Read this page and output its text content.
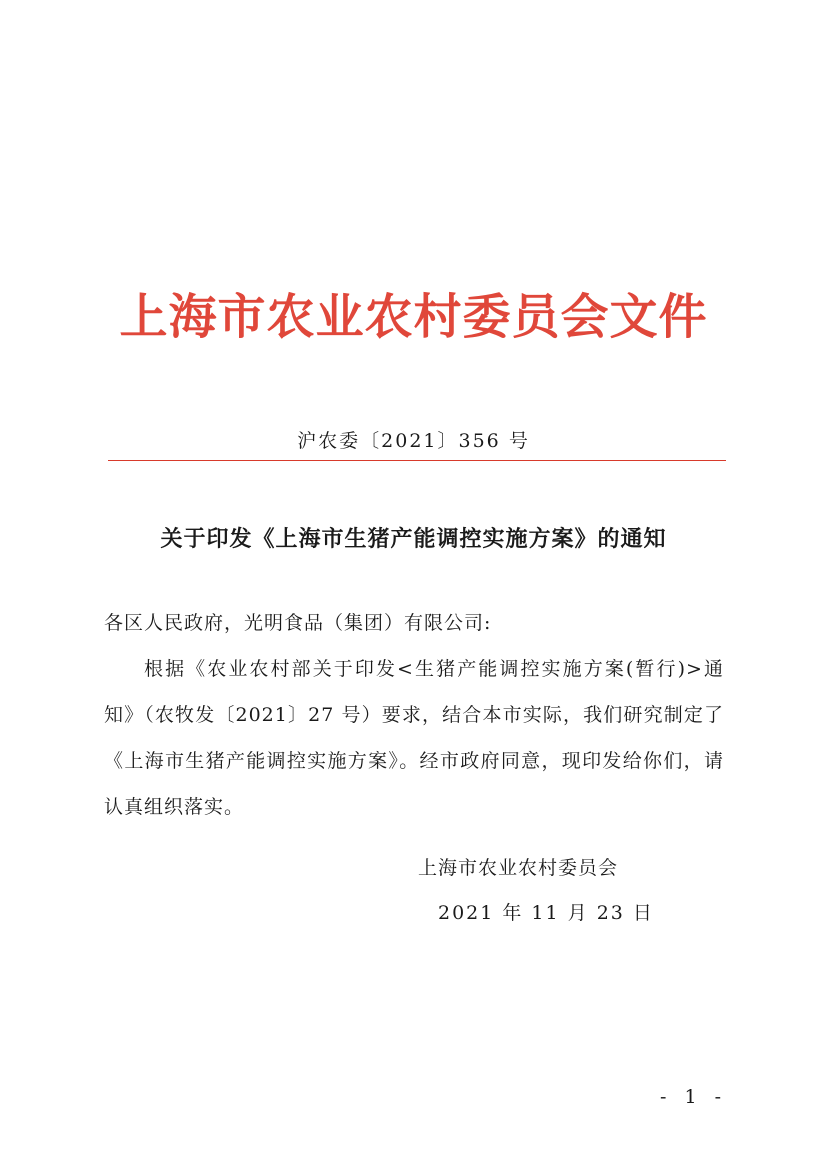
上海市农业农村委员会文件
沪农委〔2021〕356 号
关于印发《上海市生猪产能调控实施方案》的通知
各区人民政府，光明食品（集团）有限公司:
根据《农业农村部关于印发<生猪产能调控实施方案(暂行)>通知》（农牧发〔2021〕27 号）要求，结合本市实际，我们研究制定了《上海市生猪产能调控实施方案》。经市政府同意，现印发给你们，请认真组织落实。
上海市农业农村委员会
2021 年 11 月 23 日
- 1 -
